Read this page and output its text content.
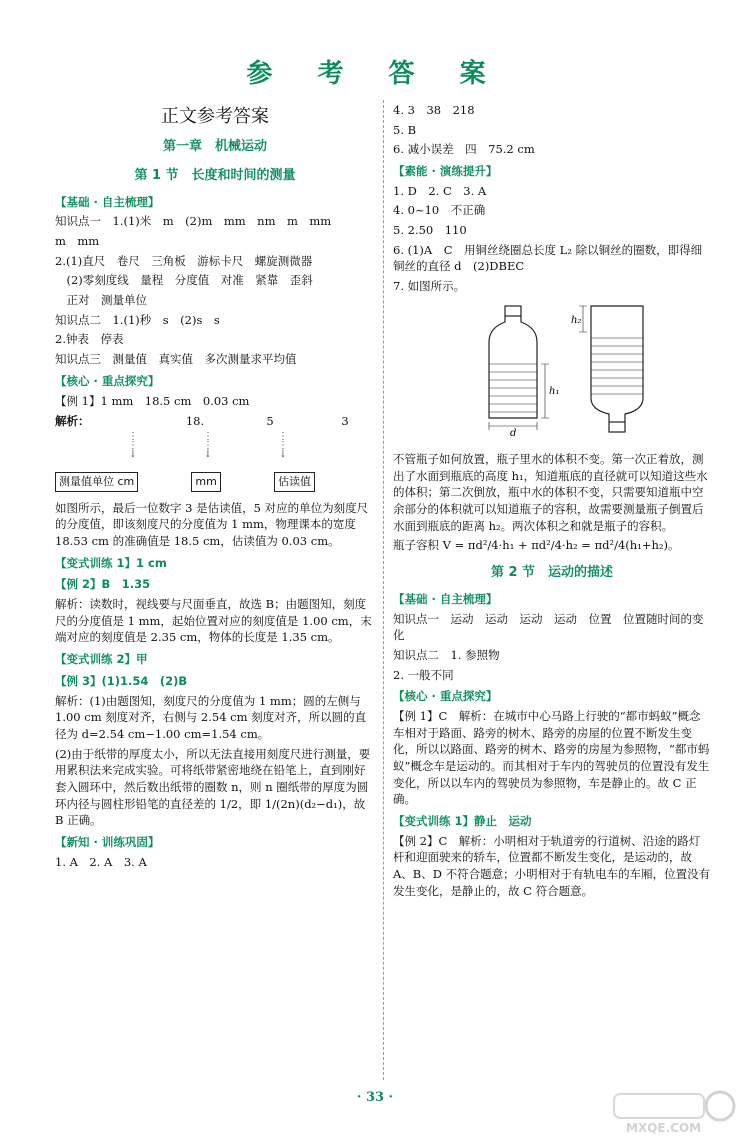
参 考 答 案
正文参考答案
第一章　机械运动
第 1 节　长度和时间的测量
【基础 · 自主梳理】
知识点一　1.(1)米　m　(2)m　mm　nm　m　mm
m　mm
2.(1)直尺　卷尺　三角板　游标卡尺　螺旋测微器
　(2)零刻度线　量程　分度值　对准　紧靠　歪斜
　正对　测量单位
知识点二　1.(1)秒　s　(2)s　s
2.钟表　停表
知识点三　测量值　真实值　多次测量求平均值
【核心 · 重点探究】
【例 1】1 mm　18.5 cm　0.03 cm
解析：	18.	5	3
⋮
⋮
↓
⋮
⋮
↓
⋮
⋮
↓
测量值单位 cm	mm	估读值
如图所示，最后一位数字 3 是估读值，5 对应的单位为刻度尺的分度值，即该刻度尺的分度值为 1 mm，物理课本的宽度 18.53 cm 的准确值是 18.5 cm，估读值为 0.03 cm。
【变式训练 1】1 cm
【例 2】B　1.35
解析：读数时，视线要与尺面垂直，故选 B；由题图知，刻度尺的分度值是 1 mm，起始位置对应的刻度值是 1.00 cm，末端对应的刻度值是 2.35 cm，物体的长度是 1.35 cm。
【变式训练 2】甲
【例 3】(1)1.54　(2)B
解析：(1)由题图知，刻度尺的分度值为 1 mm；圆的左侧与 1.00 cm 刻度对齐，右侧与 2.54 cm 刻度对齐，所以圆的直径为 d=2.54 cm−1.00 cm=1.54 cm。
(2)由于纸带的厚度太小，所以无法直接用刻度尺进行测量，要用累积法来完成实验。可将纸带紧密地绕在铅笔上，直到刚好套入圆环中，然后数出纸带的圈数 n，则 n 圈纸带的厚度为圆环内径与圆柱形铅笔的直径差的 1/2，即 1/(2n)(d₂−d₁)，故 B 正确。
【新知 · 训练巩固】
1. A　2. A　3. A
4. 3　38　218
5. B
6. 减小误差　四　75.2 cm
【素能 · 演练提升】
1. D　2. C　3. A
4. 0~10　不正确
5. 2.50　110
6. (1)A　C　用铜丝绕圈总长度 L₂ 除以铜丝的圈数，即得细铜丝的直径 d　(2)DBEC
7. 如图所示。
h₁
h₂
d
不管瓶子如何放置，瓶子里水的体积不变。第一次正着放，测出了水面到瓶底的高度 h₁，知道瓶底的直径就可以知道这些水的体积；第二次倒放，瓶中水的体积不变，只需要知道瓶中空余部分的体积就可以知道瓶子的容积，故需要测量瓶子倒置后水面到瓶底的距离 h₂。两次体积之和就是瓶子的容积。
瓶子容积 V = πd²/4·h₁ + πd²/4·h₂ = πd²/4(h₁+h₂)。
第 2 节　运动的描述
【基础 · 自主梳理】
知识点一　运动　运动　运动　运动　位置　位置随时间的变化
知识点二　1. 参照物
2. 一般不同
【核心 · 重点探究】
【例 1】C　解析：在城市中心马路上行驶的“都市蚂蚁”概念车相对于路面、路旁的树木、路旁的房屋的位置不断发生变化，所以以路面、路旁的树木、路旁的房屋为参照物，“都市蚂蚁”概念车是运动的。而其相对于车内的驾驶员的位置没有发生变化，所以以车内的驾驶员为参照物，车是静止的。故 C 正确。
【变式训练 1】静止　运动
【例 2】C　解析：小明相对于轨道旁的行道树、沿途的路灯杆和迎面驶来的轿车，位置都不断发生变化，是运动的，故 A、B、D 不符合题意；小明相对于有轨电车的车厢，位置没有发生变化，是静止的，故 C 符合题意。
· 33 ·
MXQE.COM
